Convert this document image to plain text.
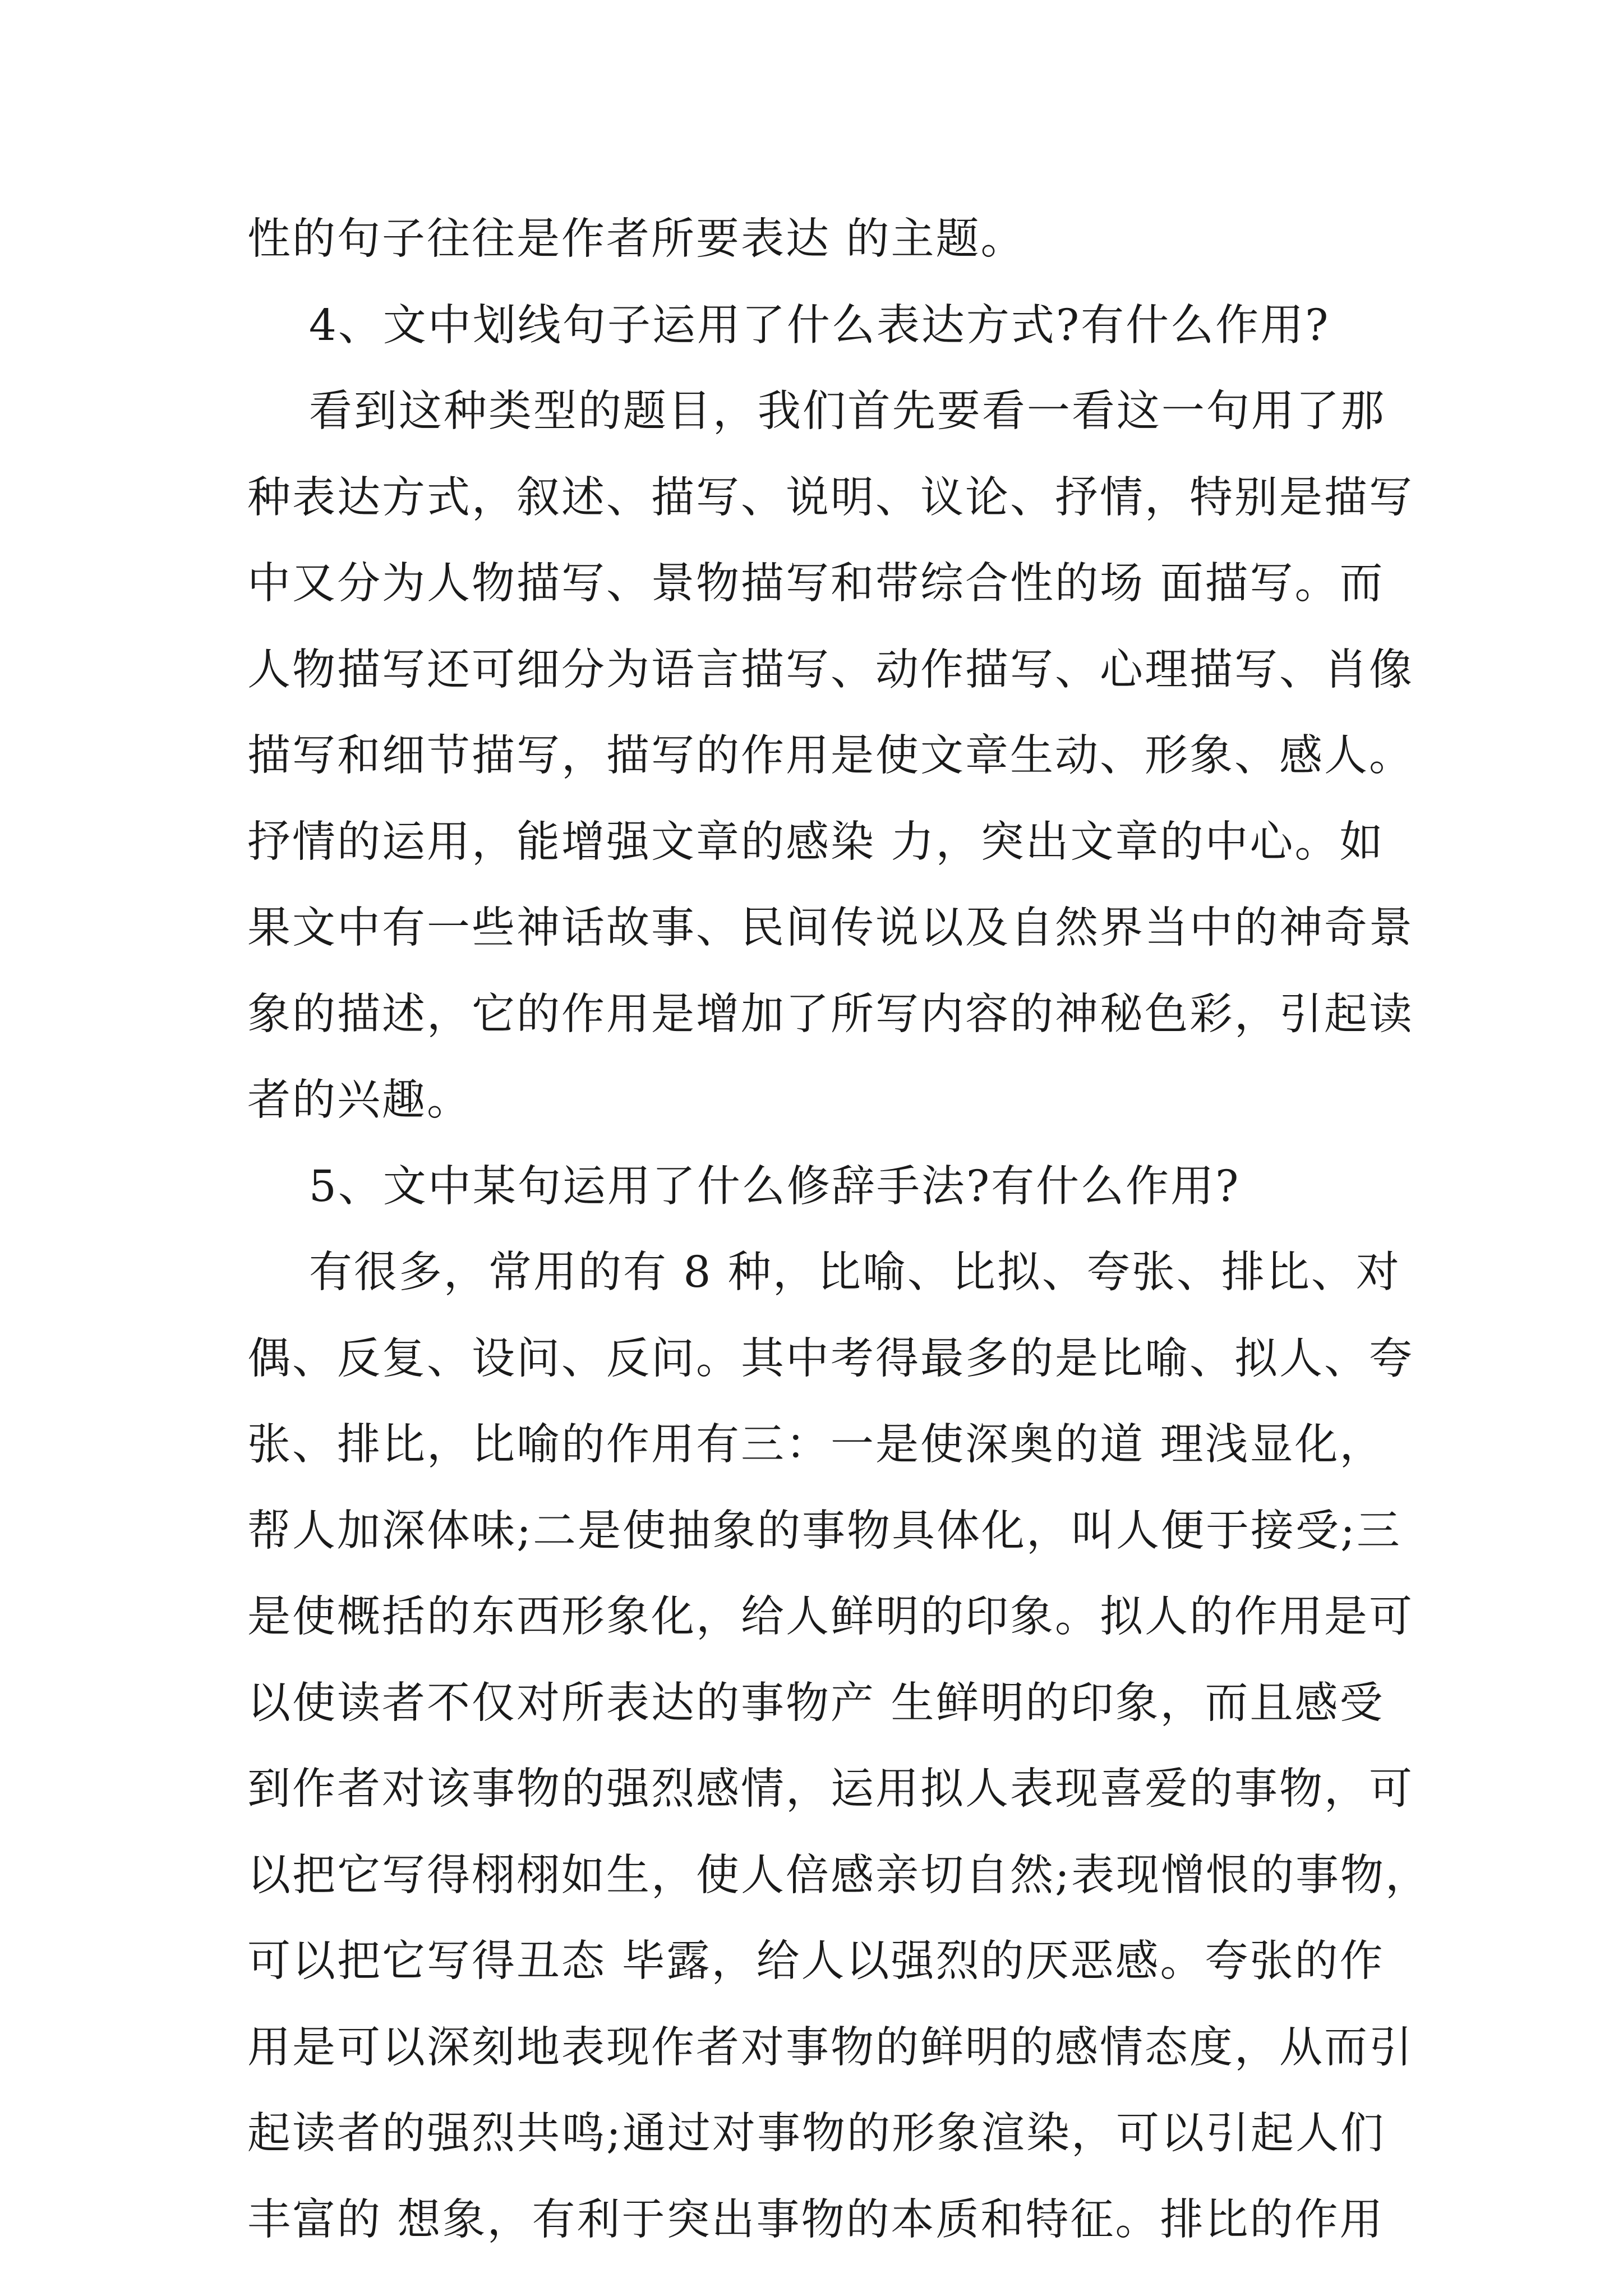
性的句子往往是作者所要表达 的主题。
4、文中划线句子运用了什么表达方式?有什么作用?
看到这种类型的题目，我们首先要看一看这一句用了那
种表达方式，叙述、描写、说明、议论、抒情，特别是描写
中又分为人物描写、景物描写和带综合性的场 面描写。而
人物描写还可细分为语言描写、动作描写、心理描写、肖像
描写和细节描写，描写的作用是使文章生动、形象、感人。
抒情的运用，能增强文章的感染 力，突出文章的中心。如
果文中有一些神话故事、民间传说以及自然界当中的神奇景
象的描述，它的作用是增加了所写内容的神秘色彩，引起读
者的兴趣。
5、文中某句运用了什么修辞手法?有什么作用?
有很多，常用的有 8 种，比喻、比拟、夸张、排比、对
偶、反复、设问、反问。其中考得最多的是比喻、拟人、夸
张、排比，比喻的作用有三：一是使深奥的道 理浅显化，
帮人加深体味;二是使抽象的事物具体化，叫人便于接受;三
是使概括的东西形象化，给人鲜明的印象。拟人的作用是可
以使读者不仅对所表达的事物产 生鲜明的印象，而且感受
到作者对该事物的强烈感情，运用拟人表现喜爱的事物，可
以把它写得栩栩如生，使人倍感亲切自然;表现憎恨的事物，
可以把它写得丑态 毕露，给人以强烈的厌恶感。夸张的作
用是可以深刻地表现作者对事物的鲜明的感情态度，从而引
起读者的强烈共鸣;通过对事物的形象渲染，可以引起人们
丰富的 想象，有利于突出事物的本质和特征。排比的作用
